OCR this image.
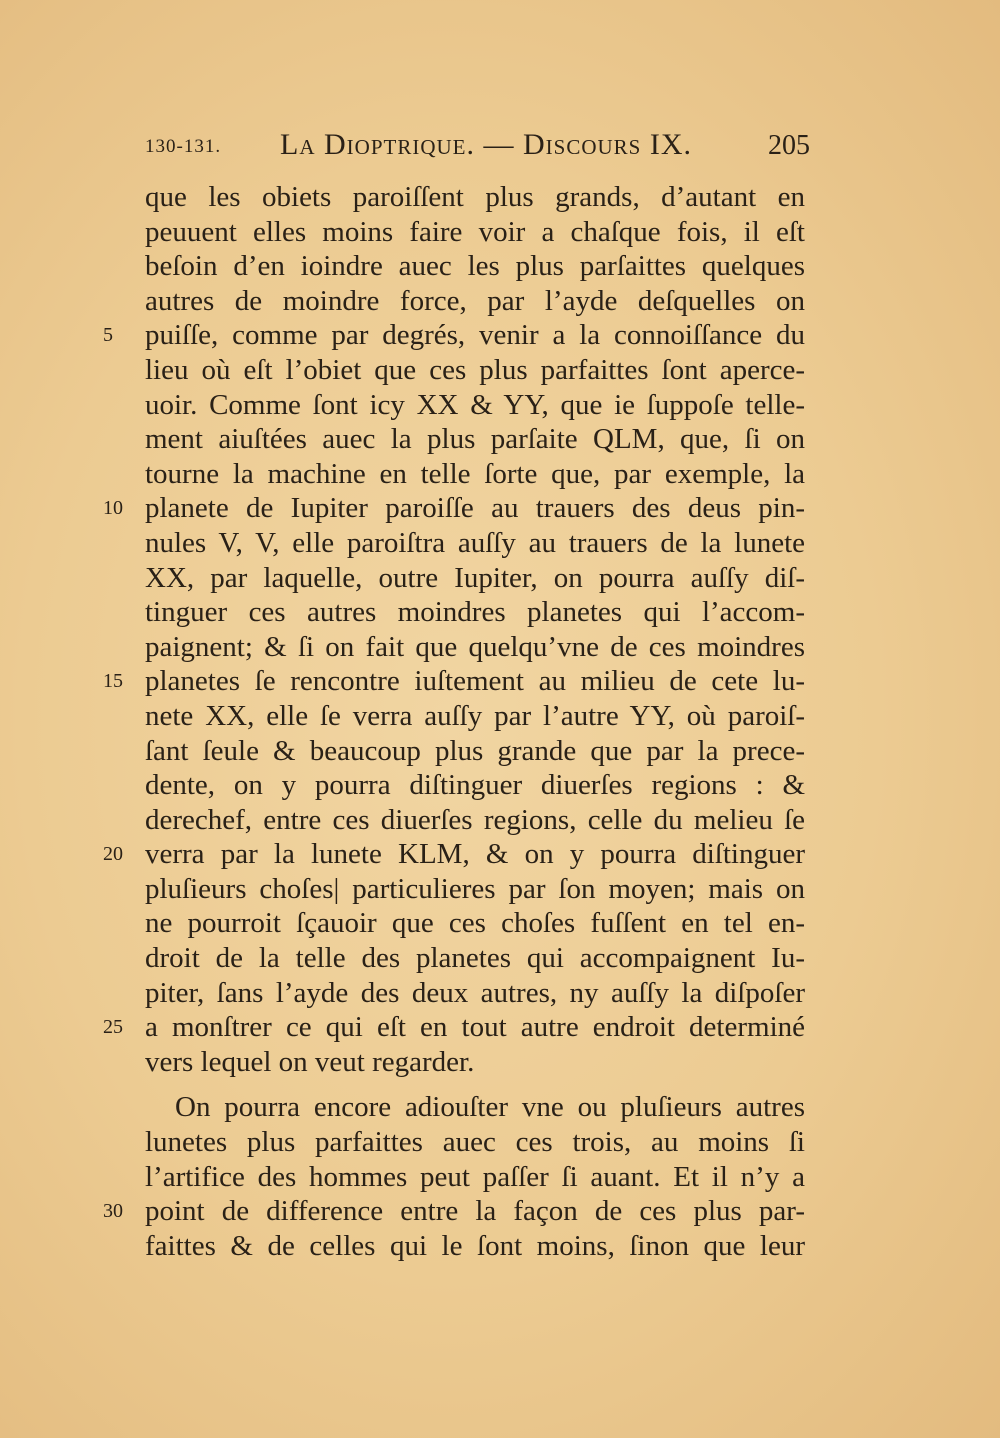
130-131. La Dioptrique. — Discours IX.	205
que les obiets paroiſſent plus grands, d’autant en
peuuent elles moins faire voir a chaſque fois, il eſt
beſoin d’en ioindre auec les plus parſaittes quelques
autres de moindre force, par l’ayde deſquelles on
5	puiſſe, comme par degrés, venir a la connoiſſance du
lieu où eſt l’obiet que ces plus parfaittes ſont aperce-
uoir. Comme ſont icy XX & YY, que ie ſuppoſe telle-
ment aiuſtées auec la plus parſaite QLM, que, ſi on
tourne la machine en telle ſorte que, par exemple, la
10 planete de Iupiter paroiſſe au trauers des deus pin-
nules V, V, elle paroiſtra auſſy au trauers de la lunete
XX, par laquelle, outre Iupiter, on pourra auſſy diſ-
tinguer ces autres moindres planetes qui l’accom-
paignent; & ſi on fait que quelqu’vne de ces moindres
15 planetes ſe rencontre iuſtement au milieu de cete lu-
nete XX, elle ſe verra auſſy par l’autre YY, où paroiſ-
ſant ſeule & beaucoup plus grande que par la prece-
dente, on y pourra diſtinguer diuerſes regions : &
derechef, entre ces diuerſes regions, celle du melieu ſe
20 verra par la lunete KLM, & on y pourra diſtinguer
pluſieurs choſes| particulieres par ſon moyen; mais on
ne pourroit ſçauoir que ces choſes fuſſent en tel en-
droit de la telle des planetes qui accompaignent Iu-
piter, ſans l’ayde des deux autres, ny auſſy la diſpoſer
25 a monſtrer ce qui eſt en tout autre endroit determiné
vers lequel on veut regarder.
On pourra encore adiouſter vne ou pluſieurs autres
lunetes plus parfaittes auec ces trois, au moins ſi
l’artifice des hommes peut paſſer ſi auant. Et il n’y a
30 point de difference entre la façon de ces plus par-
faittes & de celles qui le ſont moins, ſinon que leur
